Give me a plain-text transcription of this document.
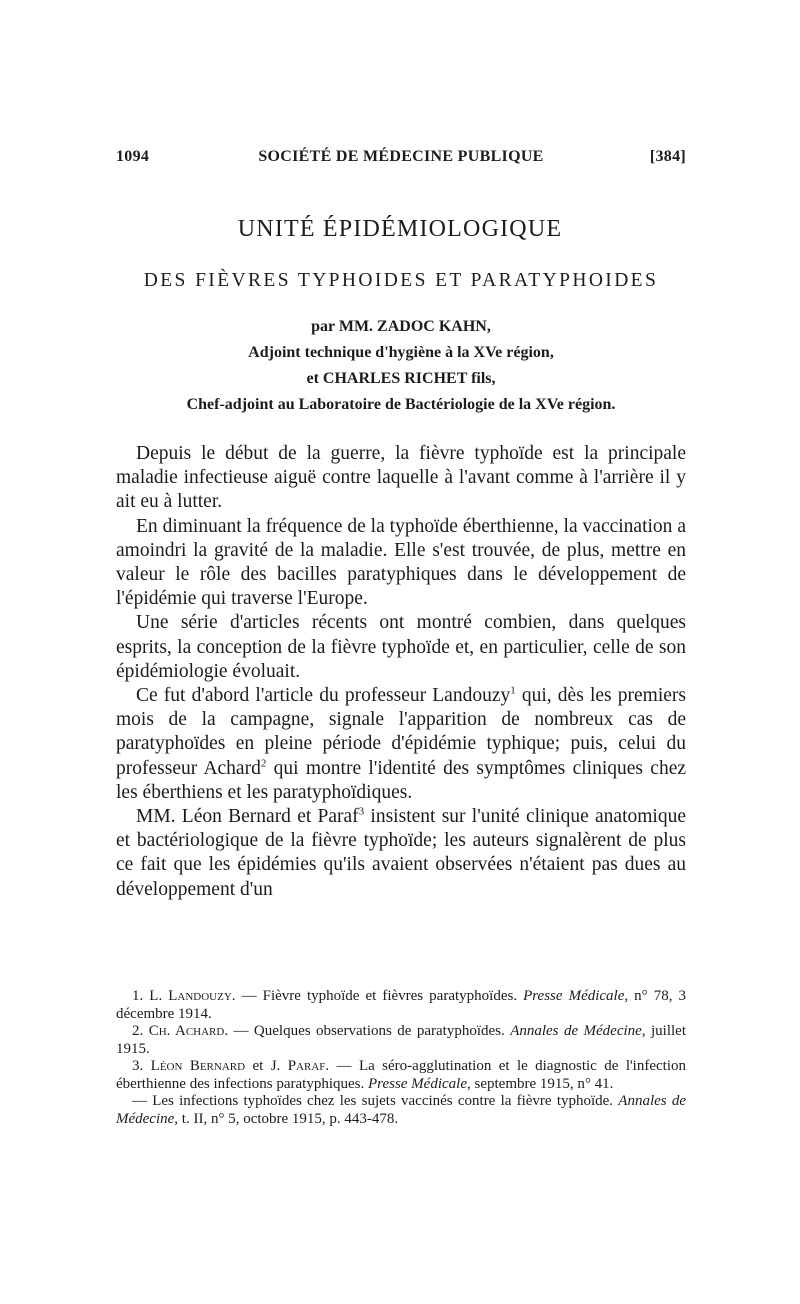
1094	SOCIÉTÉ DE MÉDECINE PUBLIQUE	[384]
UNITÉ ÉPIDÉMIOLOGIQUE
DES FIÈVRES TYPHOIDES ET PARATYPHOIDES
par MM. ZADOC KAHN,
Adjoint technique d'hygiène à la XVe région,
et CHARLES RICHET fils,
Chef-adjoint au Laboratoire de Bactériologie de la XVe région.

Depuis le début de la guerre, la fièvre typhoïde est la principale maladie infectieuse aiguë contre laquelle à l'avant comme à l'arrière il y ait eu à lutter.

En diminuant la fréquence de la typhoïde éberthienne, la vaccination a amoindri la gravité de la maladie. Elle s'est trouvée, de plus, mettre en valeur le rôle des bacilles paratyphiques dans le développement de l'épidémie qui traverse l'Europe.

Une série d'articles récents ont montré combien, dans quelques esprits, la conception de la fièvre typhoïde et, en particulier, celle de son épidémiologie évoluait.

Ce fut d'abord l'article du professeur Landouzy$^1$ qui, dès les premiers mois de la campagne, signale l'apparition de nombreux cas de paratyphoïdes en pleine période d'épidémie typhique; puis, celui du professeur Achard$^2$ qui montre l'identité des symptômes cliniques chez les éberthiens et les paratyphoïdiques.

MM. Léon Bernard et Paraf$^3$ insistent sur l'unité clinique anatomique et bactériologique de la fièvre typhoïde; les auteurs signalèrent de plus ce fait que les épidémies qu'ils avaient observées n'étaient pas dues au développement d'un

1. L. Landouzy. — Fièvre typhoïde et fièvres paratyphoïdes. Presse Médicale, n° 78, 3 décembre 1914.

2. Ch. Achard. — Quelques observations de paratyphoïdes. Annales de Médecine, juillet 1915.

3. Léon Bernard et J. Paraf. — La séro-agglutination et le diagnostic de l'infection éberthienne des infections paratyphiques. Presse Médicale, septembre 1915, n° 41.

— Les infections typhoïdes chez les sujets vaccinés contre la fièvre typhoïde. Annales de Médecine, t. II, n° 5, octobre 1915, p. 443-478.
